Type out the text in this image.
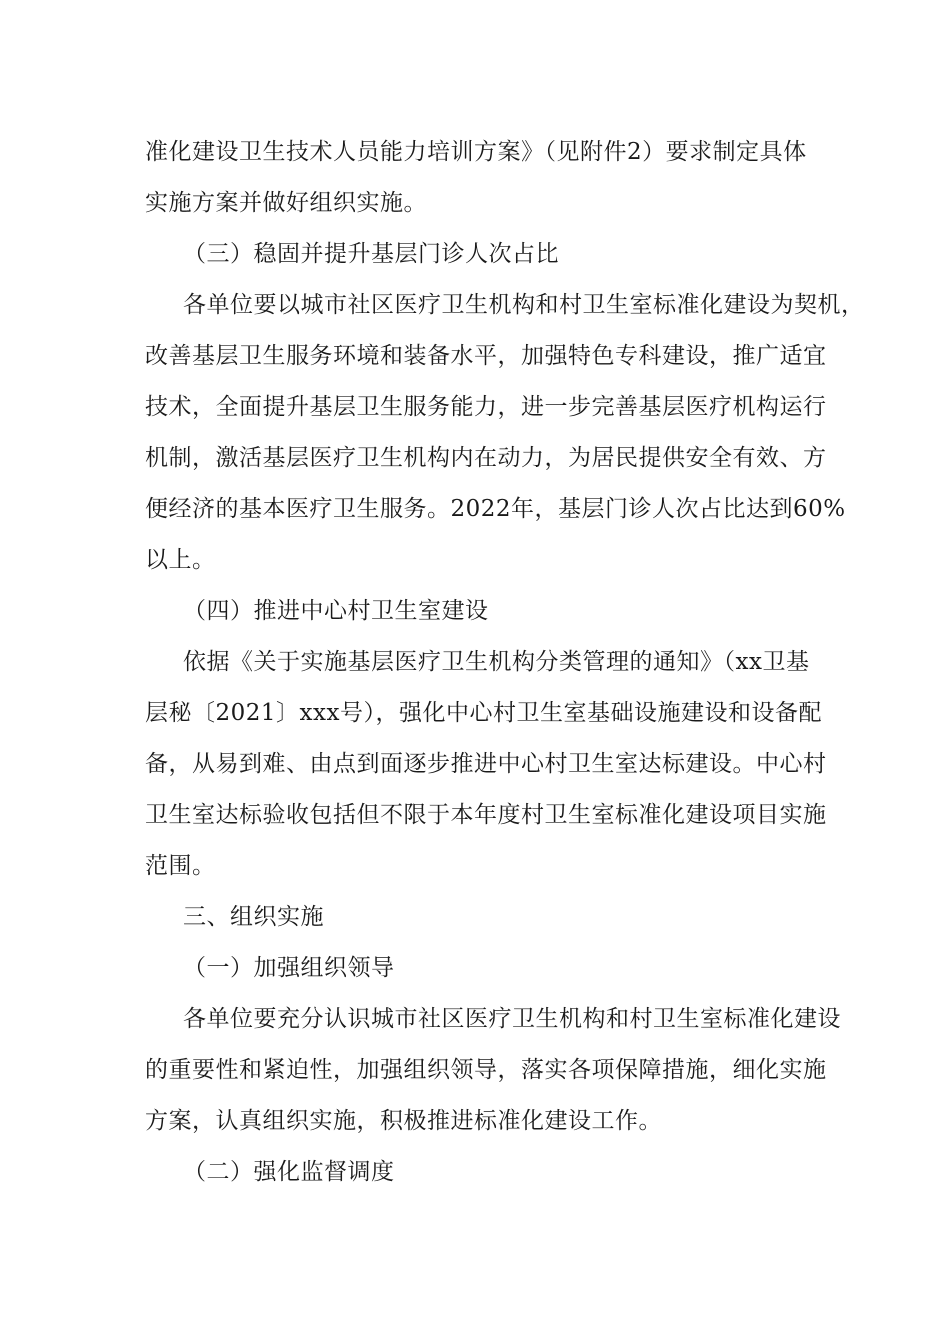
准化建设卫生技术人员能力培训方案》（见附件2）要求制定具体
实施方案并做好组织实施。
（三）稳固并提升基层门诊人次占比
各单位要以城市社区医疗卫生机构和村卫生室标准化建设为契机，
改善基层卫生服务环境和装备水平，加强特色专科建设，推广适宜
技术，全面提升基层卫生服务能力，进一步完善基层医疗机构运行
机制，激活基层医疗卫生机构内在动力，为居民提供安全有效、方
便经济的基本医疗卫生服务。2022年，基层门诊人次占比达到60%
以上。
（四）推进中心村卫生室建设
依据《关于实施基层医疗卫生机构分类管理的通知》（xx卫基
层秘〔2021〕xxx号），强化中心村卫生室基础设施建设和设备配
备，从易到难、由点到面逐步推进中心村卫生室达标建设。中心村
卫生室达标验收包括但不限于本年度村卫生室标准化建设项目实施
范围。
三、组织实施
（一）加强组织领导
各单位要充分认识城市社区医疗卫生机构和村卫生室标准化建设
的重要性和紧迫性，加强组织领导，落实各项保障措施，细化实施
方案，认真组织实施，积极推进标准化建设工作。
（二）强化监督调度
